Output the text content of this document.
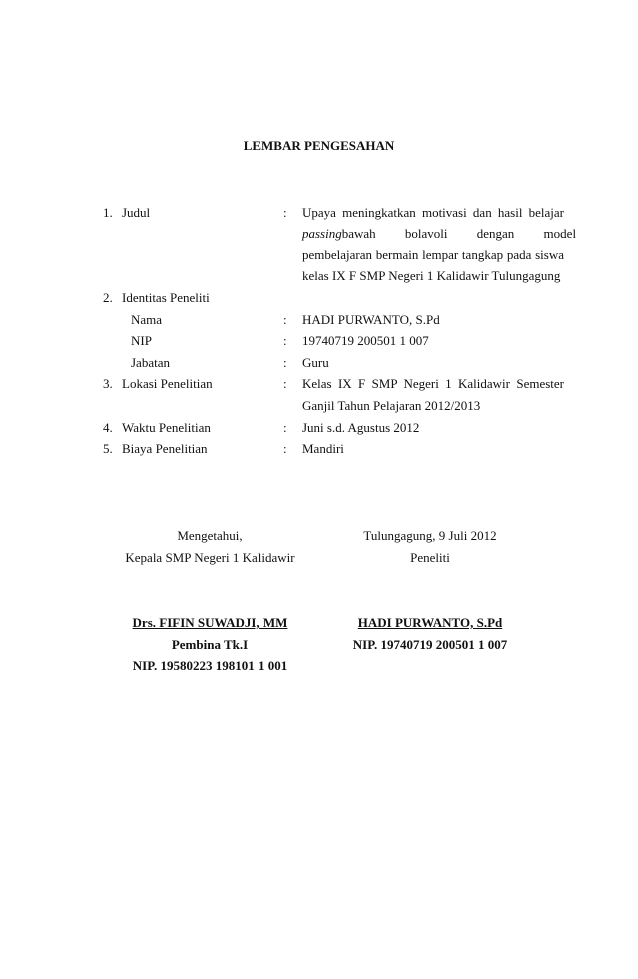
LEMBAR PENGESAHAN
1. Judul	: Upaya meningkatkan motivasi dan hasil belajar
passing bawah bolavoli dengan model
pembelajaran bermain lempar tangkap pada siswa
kelas IX F SMP Negeri 1 Kalidawir Tulungagung
2. Identitas Peneliti
Nama	: HADI PURWANTO, S.Pd
NIP	: 19740719 200501 1 007
Jabatan	: Guru
3. Lokasi Penelitian	: Kelas IX F SMP Negeri 1 Kalidawir Semester
Ganjil Tahun Pelajaran 2012/2013
4. Waktu Penelitian	: Juni s.d. Agustus 2012
5. Biaya Penelitian	: Mandiri
Mengetahui,
Kepala SMP Negeri 1 Kalidawir
Drs. FIFIN SUWADJI, MM
Pembina Tk.I
NIP. 19580223 198101 1 001
Tulungagung, 9 Juli 2012
Peneliti
HADI PURWANTO, S.Pd
NIP. 19740719 200501 1 007
